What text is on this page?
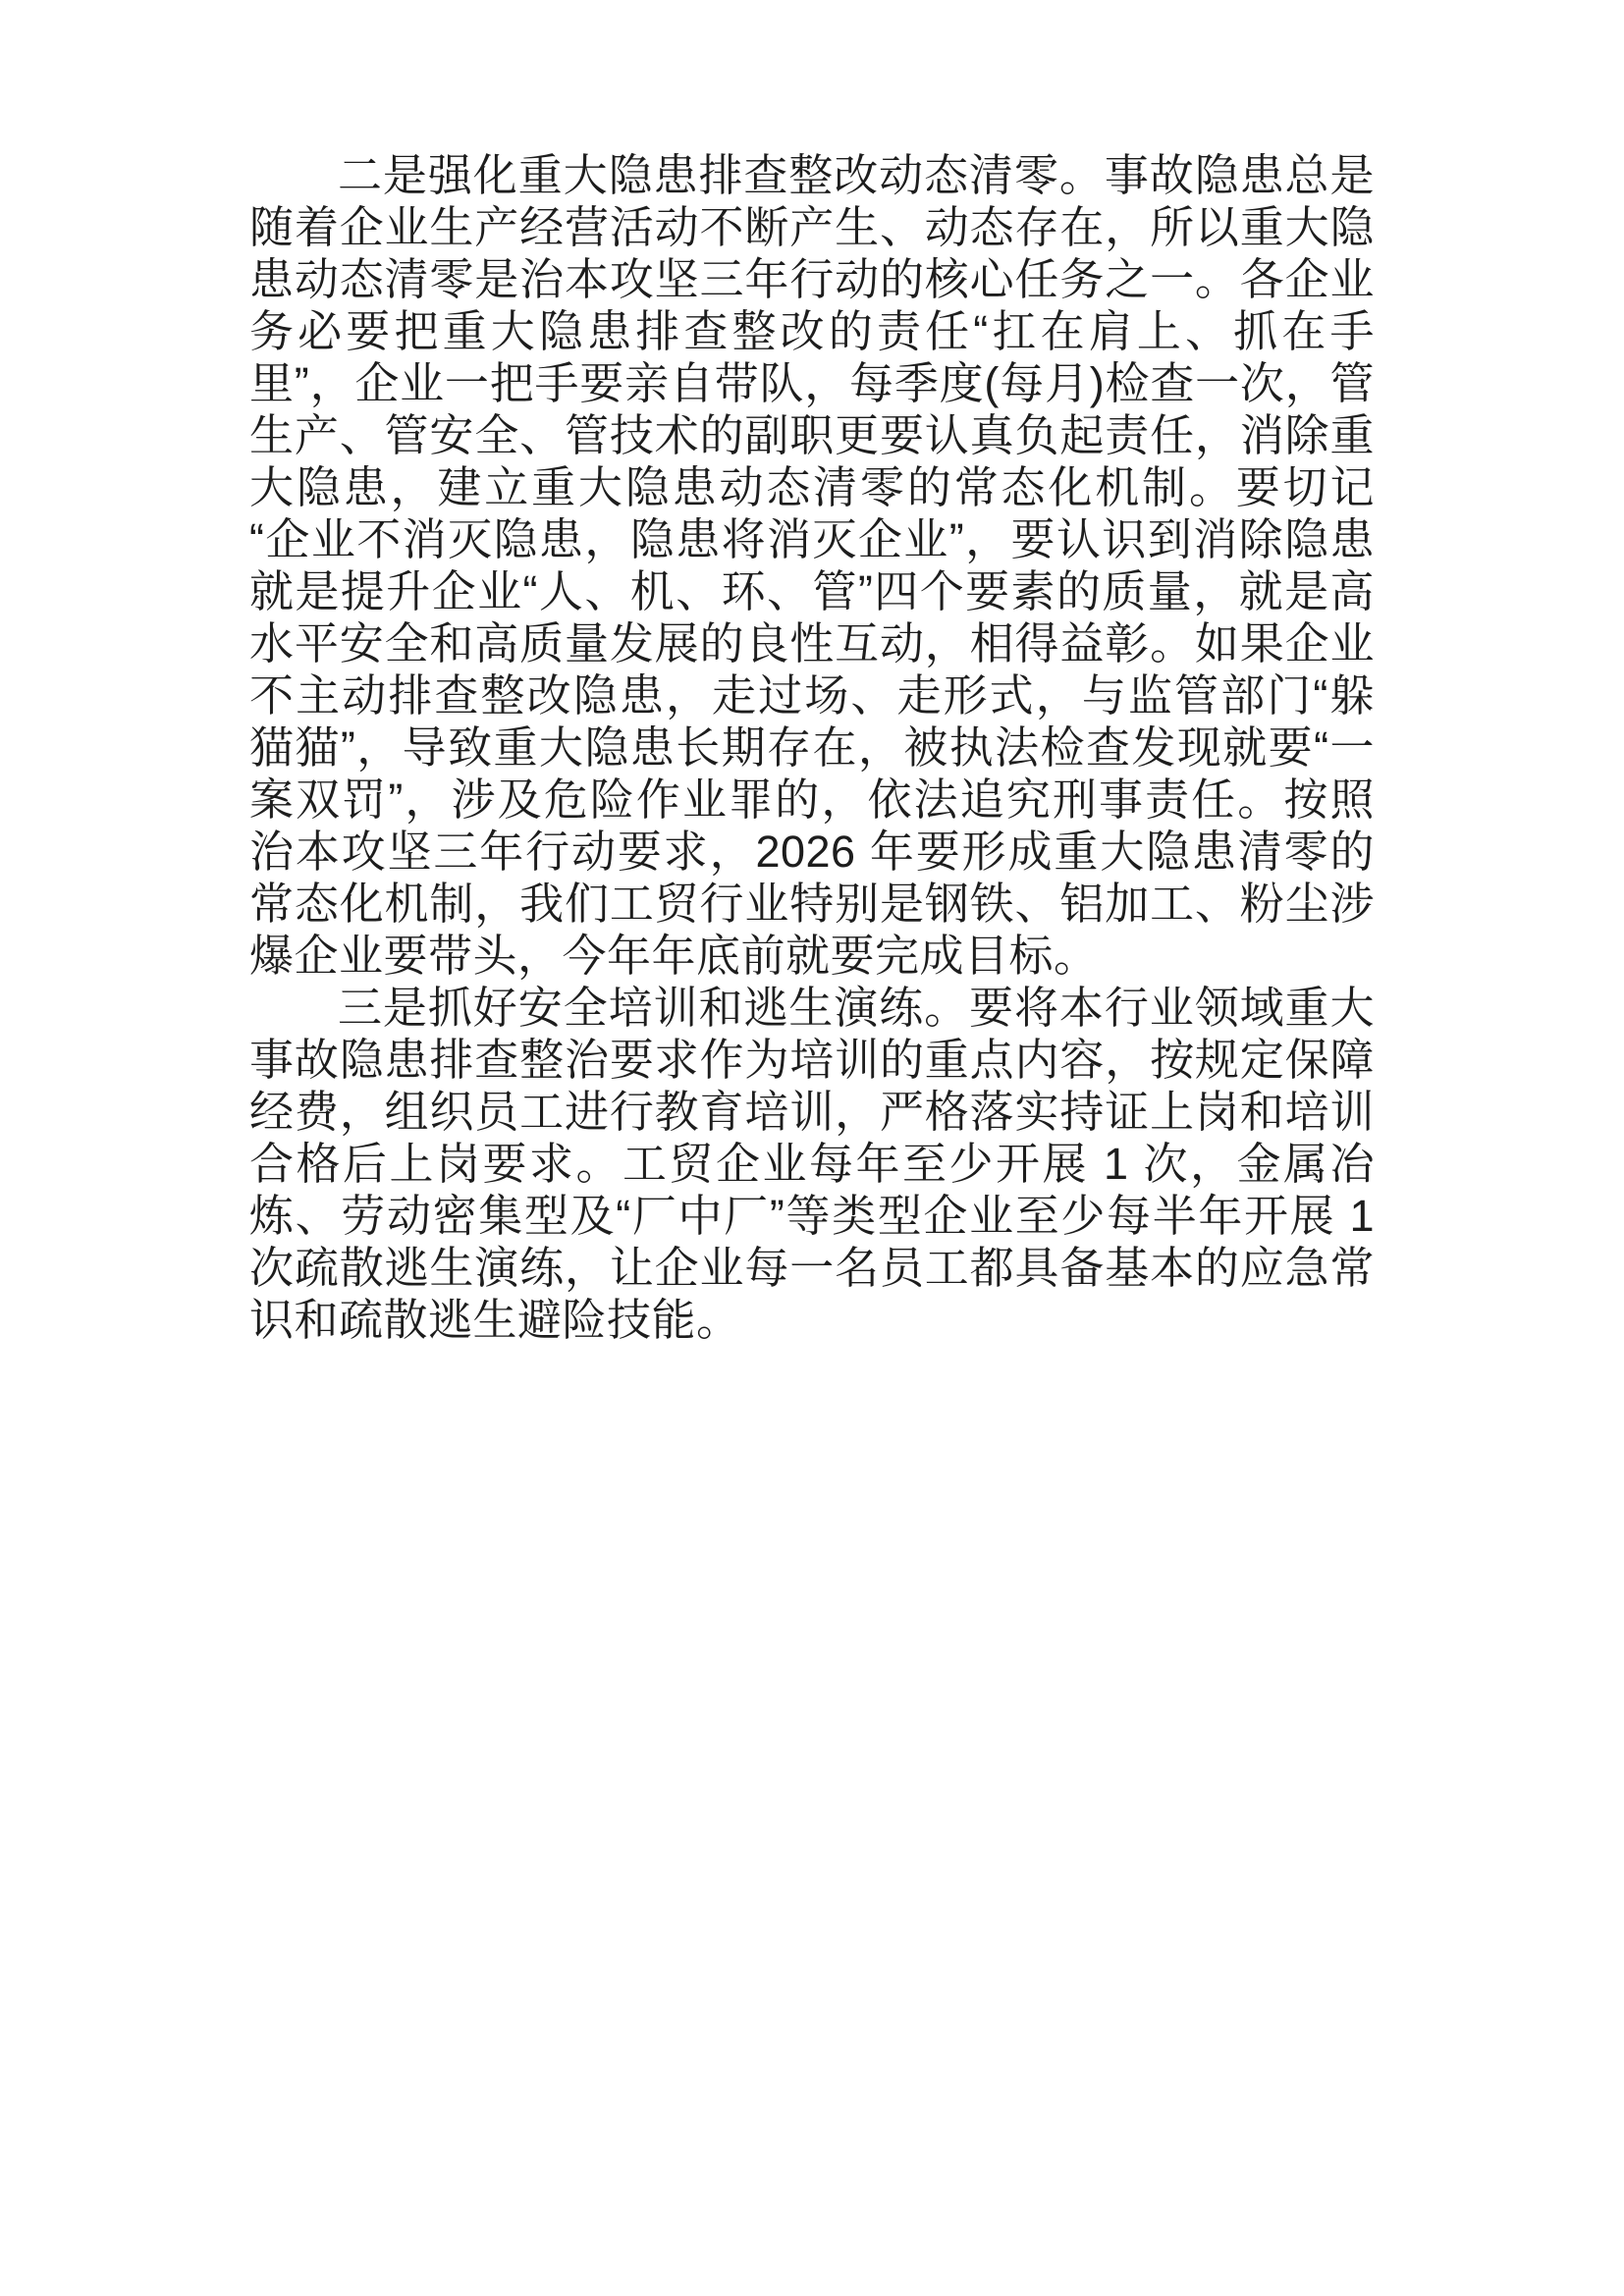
二是强化重大隐患排查整改动态清零。事故隐患总是随着企业生产经营活动不断产生、动态存在，所以重大隐患动态清零是治本攻坚三年行动的核心任务之一。各企业务必要把重大隐患排查整改的责任“扛在肩上、抓在手里”，企业一把手要亲自带队，每季度(每月)检查一次，管生产、管安全、管技术的副职更要认真负起责任，消除重大隐患，建立重大隐患动态清零的常态化机制。要切记“企业不消灭隐患，隐患将消灭企业”，要认识到消除隐患就是提升企业“人、机、环、管”四个要素的质量，就是高水平安全和高质量发展的良性互动，相得益彰。如果企业不主动排查整改隐患，走过场、走形式，与监管部门“躲猫猫”，导致重大隐患长期存在，被执法检查发现就要“一案双罚”，涉及危险作业罪的，依法追究刑事责任。按照治本攻坚三年行动要求，2026 年要形成重大隐患清零的常态化机制，我们工贸行业特别是钢铁、铝加工、粉尘涉爆企业要带头，今年年底前就要完成目标。

三是抓好安全培训和逃生演练。要将本行业领域重大事故隐患排查整治要求作为培训的重点内容，按规定保障经费，组织员工进行教育培训，严格落实持证上岗和培训合格后上岗要求。工贸企业每年至少开展 1 次，金属冶炼、劳动密集型及“厂中厂”等类型企业至少每半年开展 1 次疏散逃生演练，让企业每一名员工都具备基本的应急常识和疏散逃生避险技能。
